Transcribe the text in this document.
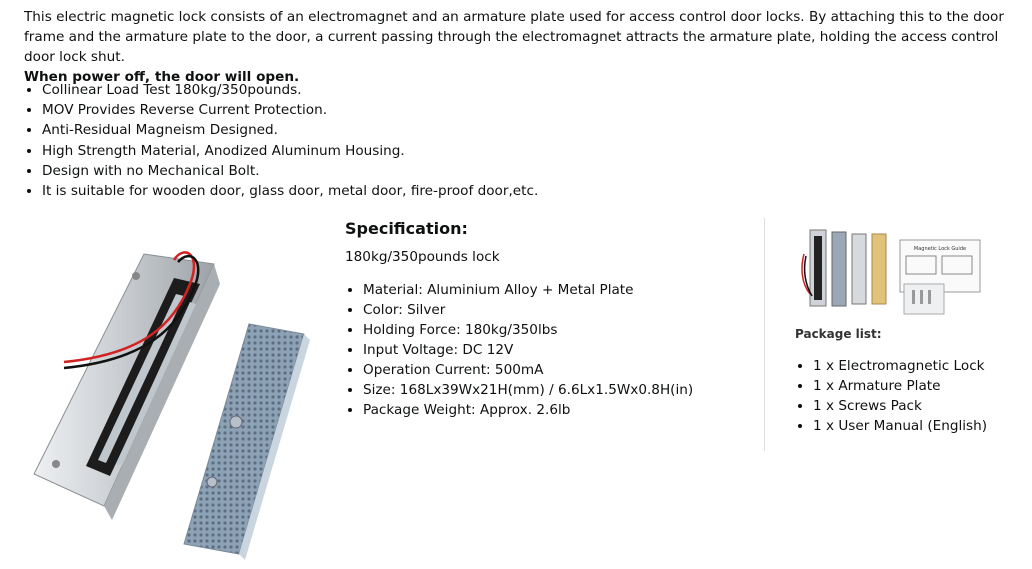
This electric magnetic lock consists of an electromagnet and an armature plate used for access control door locks. By attaching this to the door frame and the armature plate to the door, a current passing through the electromagnet attracts the armature plate, holding the access control door lock shut.

When power off, the door will open.

• Collinear Load Test 180kg/350pounds.
• MOV Provides Reverse Current Protection.
• Anti-Residual Magneism Designed.
• High Strength Material, Anodized Aluminum Housing.
• Design with no Mechanical Bolt.
• It is suitable for wooden door, glass door, metal door, fire-proof door,etc.
Specification:
180kg/350pounds lock
• Material: Aluminium Alloy + Metal Plate
• Color: Silver
• Holding Force: 180kg/350lbs
• Input Voltage: DC 12V
• Operation Current: 500mA
• Size: 168Lx39Wx21H(mm) / 6.6Lx1.5Wx0.8H(in)
• Package Weight: Approx. 2.6lb
Magnetic Lock Guide
Package list:
• 1 x Electromagnetic Lock
• 1 x Armature Plate
• 1 x Screws Pack
• 1 x User Manual (English)
